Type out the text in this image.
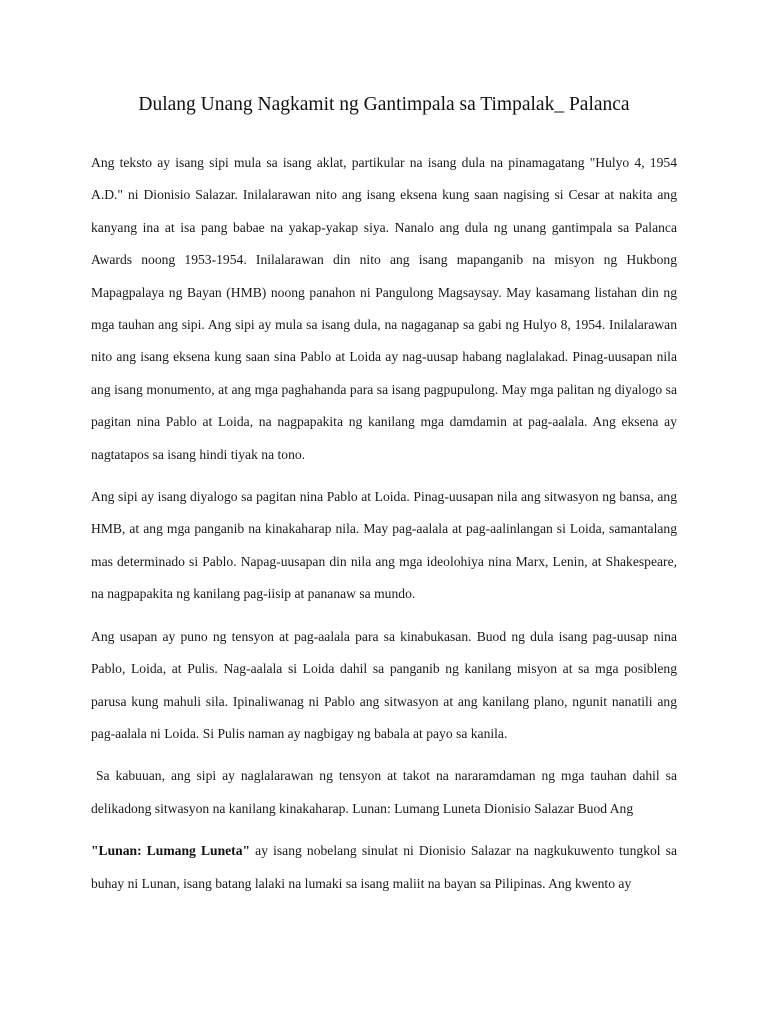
Dulang Unang Nagkamit ng Gantimpala sa Timpalak_ Palanca

Ang teksto ay isang sipi mula sa isang aklat, partikular na isang dula na pinamagatang "Hulyo 4, 1954 A.D." ni Dionisio Salazar. Inilalarawan nito ang isang eksena kung saan nagising si Cesar at nakita ang kanyang ina at isa pang babae na yakap-yakap siya. Nanalo ang dula ng unang gantimpala sa Palanca Awards noong 1953-1954. Inilalarawan din nito ang isang mapanganib na misyon ng Hukbong Mapagpalaya ng Bayan (HMB) noong panahon ni Pangulong Magsaysay. May kasamang listahan din ng mga tauhan ang sipi. Ang sipi ay mula sa isang dula, na nagaganap sa gabi ng Hulyo 8, 1954. Inilalarawan nito ang isang eksena kung saan sina Pablo at Loida ay nag-uusap habang naglalakad. Pinag-uusapan nila ang isang monumento, at ang mga paghahanda para sa isang pagpupulong. May mga palitan ng diyalogo sa pagitan nina Pablo at Loida, na nagpapakita ng kanilang mga damdamin at pag-aalala. Ang eksena ay nagtatapos sa isang hindi tiyak na tono.

Ang sipi ay isang diyalogo sa pagitan nina Pablo at Loida. Pinag-uusapan nila ang sitwasyon ng bansa, ang HMB, at ang mga panganib na kinakaharap nila. May pag-aalala at pag-aalinlangan si Loida, samantalang mas determinado si Pablo. Napag-uusapan din nila ang mga ideolohiya nina Marx, Lenin, at Shakespeare, na nagpapakita ng kanilang pag-iisip at pananaw sa mundo.

Ang usapan ay puno ng tensyon at pag-aalala para sa kinabukasan. Buod ng dula isang pag-uusap nina Pablo, Loida, at Pulis. Nag-aalala si Loida dahil sa panganib ng kanilang misyon at sa mga posibleng parusa kung mahuli sila. Ipinaliwanag ni Pablo ang sitwasyon at ang kanilang plano, ngunit nanatili ang pag-aalala ni Loida. Si Pulis naman ay nagbigay ng babala at payo sa kanila.

Sa kabuuan, ang sipi ay naglalarawan ng tensyon at takot na nararamdaman ng mga tauhan dahil sa delikadong sitwasyon na kanilang kinakaharap. Lunan: Lumang Luneta Dionisio Salazar Buod Ang

"Lunan: Lumang Luneta" ay isang nobelang sinulat ni Dionisio Salazar na nagkukuwento tungkol sa buhay ni Lunan, isang batang lalaki na lumaki sa isang maliit na bayan sa Pilipinas. Ang kwento ay
